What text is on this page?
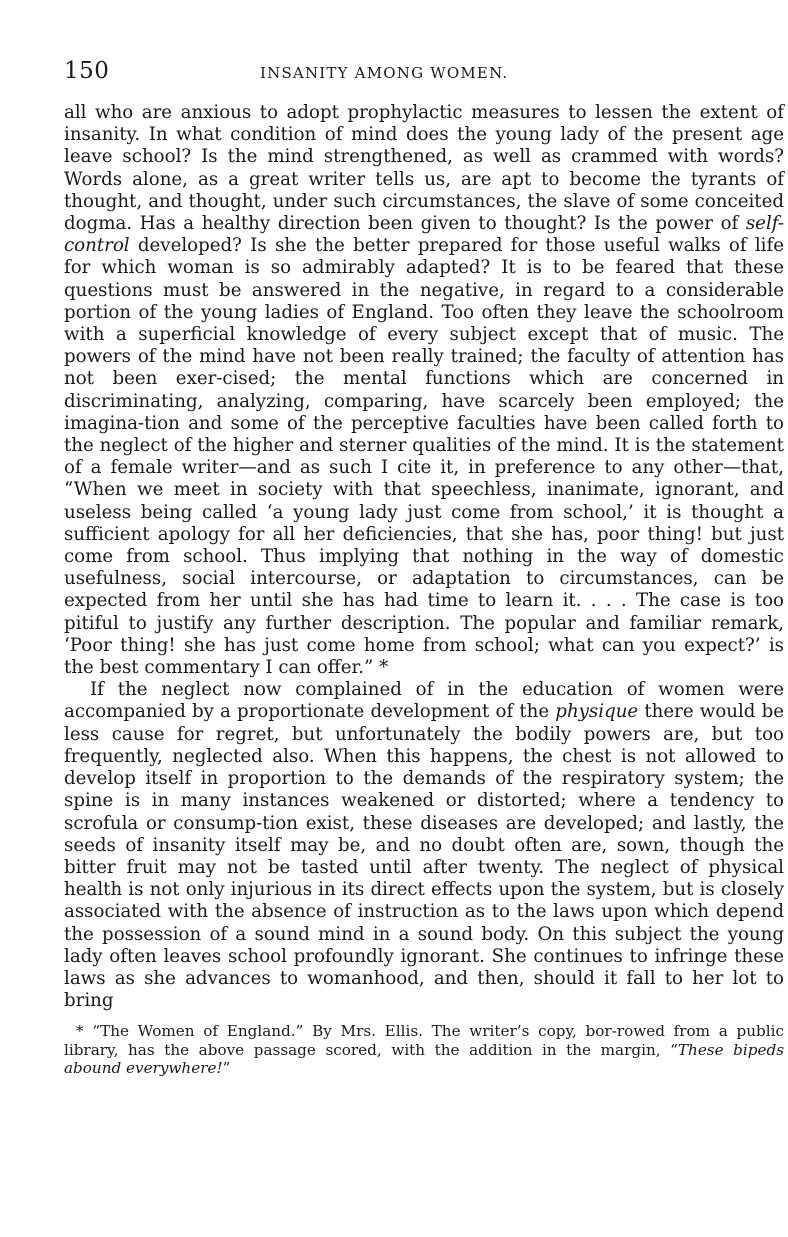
150	INSANITY AMONG WOMEN.

all who are anxious to adopt prophylactic measures to lessen the extent of insanity. In what condition of mind does the young lady of the present age leave school? Is the mind strengthened, as well as crammed with words? Words alone, as a great writer tells us, are apt to become the tyrants of thought, and thought, under such circumstances, the slave of some conceited dogma. Has a healthy direction been given to thought? Is the power of self-control developed? Is she the better prepared for those useful walks of life for which woman is so admirably adapted? It is to be feared that these questions must be answered in the negative, in regard to a considerable portion of the young ladies of England. Too often they leave the schoolroom with a superficial knowledge of every subject except that of music. The powers of the mind have not been really trained; the faculty of attention has not been exer-cised; the mental functions which are concerned in discriminating, analyzing, comparing, have scarcely been employed; the imagina-tion and some of the perceptive faculties have been called forth to the neglect of the higher and sterner qualities of the mind. It is the statement of a female writer—and as such I cite it, in preference to any other—that, “When we meet in society with that speechless, inanimate, ignorant, and useless being called ‘a young lady just come from school,’ it is thought a sufficient apology for all her deficiencies, that she has, poor thing! but just come from school. Thus implying that nothing in the way of domestic usefulness, social intercourse, or adaptation to circumstances, can be expected from her until she has had time to learn it. . . . The case is too pitiful to justify any further description. The popular and familiar remark, ‘Poor thing! she has just come home from school; what can you expect?’ is the best commentary I can offer.” *

If the neglect now complained of in the education of women were accompanied by a proportionate development of the physique there would be less cause for regret, but unfortunately the bodily powers are, but too frequently, neglected also. When this happens, the chest is not allowed to develop itself in proportion to the demands of the respiratory system; the spine is in many instances weakened or distorted; where a tendency to scrofula or consump-tion exist, these diseases are developed; and lastly, the seeds of insanity itself may be, and no doubt often are, sown, though the bitter fruit may not be tasted until after twenty. The neglect of physical health is not only injurious in its direct effects upon the system, but is closely associated with the absence of instruction as to the laws upon which depend the possession of a sound mind in a sound body. On this subject the young lady often leaves school profoundly ignorant. She continues to infringe these laws as she advances to womanhood, and then, should it fall to her lot to bring

* “The Women of England.” By Mrs. Ellis. The writer’s copy, bor-rowed from a public library, has the above passage scored, with the addition in the margin, “These bipeds abound everywhere!”
